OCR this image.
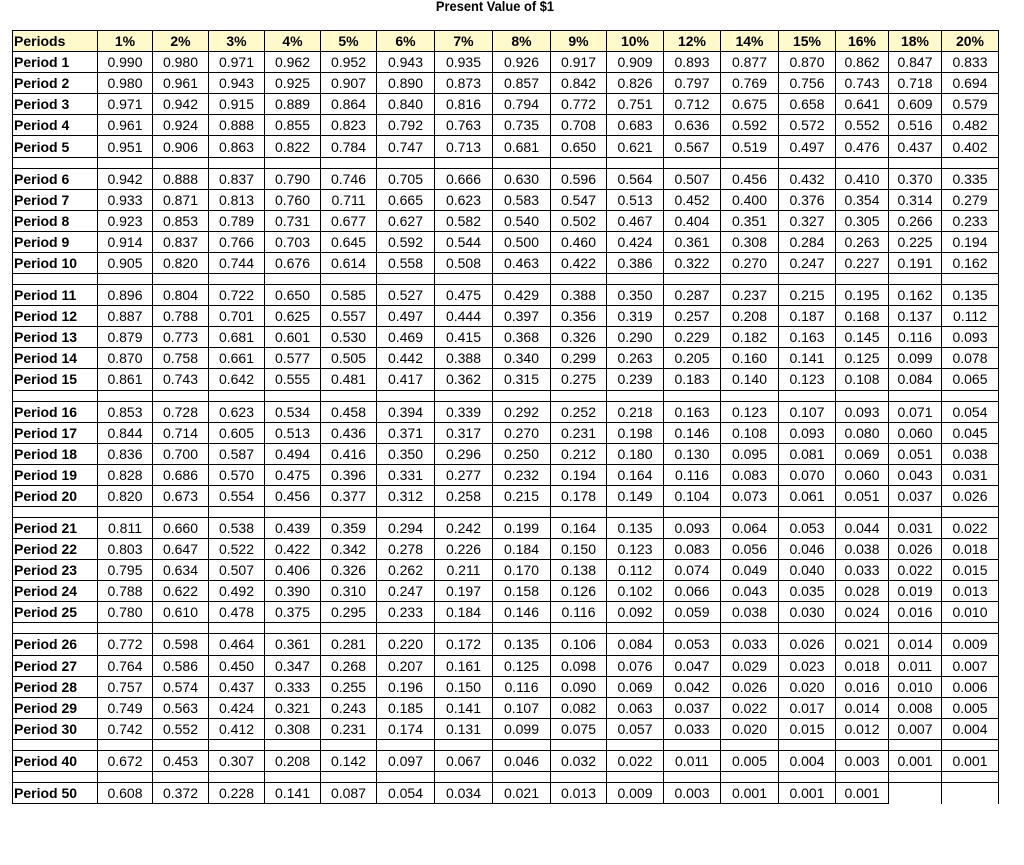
Present Value of $1
Periods	1%	2%	3%	4%	5%	6%	7%	8%	9%	10%	12%	14%	15%	16%	18%	20%
Period 1	0.990	0.980	0.971	0.962	0.952	0.943	0.935	0.926	0.917	0.909	0.893	0.877	0.870	0.862	0.847	0.833
Period 2	0.980	0.961	0.943	0.925	0.907	0.890	0.873	0.857	0.842	0.826	0.797	0.769	0.756	0.743	0.718	0.694
Period 3	0.971	0.942	0.915	0.889	0.864	0.840	0.816	0.794	0.772	0.751	0.712	0.675	0.658	0.641	0.609	0.579
Period 4	0.961	0.924	0.888	0.855	0.823	0.792	0.763	0.735	0.708	0.683	0.636	0.592	0.572	0.552	0.516	0.482
Period 5	0.951	0.906	0.863	0.822	0.784	0.747	0.713	0.681	0.650	0.621	0.567	0.519	0.497	0.476	0.437	0.402

Period 6	0.942	0.888	0.837	0.790	0.746	0.705	0.666	0.630	0.596	0.564	0.507	0.456	0.432	0.410	0.370	0.335
Period 7	0.933	0.871	0.813	0.760	0.711	0.665	0.623	0.583	0.547	0.513	0.452	0.400	0.376	0.354	0.314	0.279
Period 8	0.923	0.853	0.789	0.731	0.677	0.627	0.582	0.540	0.502	0.467	0.404	0.351	0.327	0.305	0.266	0.233
Period 9	0.914	0.837	0.766	0.703	0.645	0.592	0.544	0.500	0.460	0.424	0.361	0.308	0.284	0.263	0.225	0.194
Period 10	0.905	0.820	0.744	0.676	0.614	0.558	0.508	0.463	0.422	0.386	0.322	0.270	0.247	0.227	0.191	0.162

Period 11	0.896	0.804	0.722	0.650	0.585	0.527	0.475	0.429	0.388	0.350	0.287	0.237	0.215	0.195	0.162	0.135
Period 12	0.887	0.788	0.701	0.625	0.557	0.497	0.444	0.397	0.356	0.319	0.257	0.208	0.187	0.168	0.137	0.112
Period 13	0.879	0.773	0.681	0.601	0.530	0.469	0.415	0.368	0.326	0.290	0.229	0.182	0.163	0.145	0.116	0.093
Period 14	0.870	0.758	0.661	0.577	0.505	0.442	0.388	0.340	0.299	0.263	0.205	0.160	0.141	0.125	0.099	0.078
Period 15	0.861	0.743	0.642	0.555	0.481	0.417	0.362	0.315	0.275	0.239	0.183	0.140	0.123	0.108	0.084	0.065

Period 16	0.853	0.728	0.623	0.534	0.458	0.394	0.339	0.292	0.252	0.218	0.163	0.123	0.107	0.093	0.071	0.054
Period 17	0.844	0.714	0.605	0.513	0.436	0.371	0.317	0.270	0.231	0.198	0.146	0.108	0.093	0.080	0.060	0.045
Period 18	0.836	0.700	0.587	0.494	0.416	0.350	0.296	0.250	0.212	0.180	0.130	0.095	0.081	0.069	0.051	0.038
Period 19	0.828	0.686	0.570	0.475	0.396	0.331	0.277	0.232	0.194	0.164	0.116	0.083	0.070	0.060	0.043	0.031
Period 20	0.820	0.673	0.554	0.456	0.377	0.312	0.258	0.215	0.178	0.149	0.104	0.073	0.061	0.051	0.037	0.026

Period 21	0.811	0.660	0.538	0.439	0.359	0.294	0.242	0.199	0.164	0.135	0.093	0.064	0.053	0.044	0.031	0.022
Period 22	0.803	0.647	0.522	0.422	0.342	0.278	0.226	0.184	0.150	0.123	0.083	0.056	0.046	0.038	0.026	0.018
Period 23	0.795	0.634	0.507	0.406	0.326	0.262	0.211	0.170	0.138	0.112	0.074	0.049	0.040	0.033	0.022	0.015
Period 24	0.788	0.622	0.492	0.390	0.310	0.247	0.197	0.158	0.126	0.102	0.066	0.043	0.035	0.028	0.019	0.013
Period 25	0.780	0.610	0.478	0.375	0.295	0.233	0.184	0.146	0.116	0.092	0.059	0.038	0.030	0.024	0.016	0.010

Period 26	0.772	0.598	0.464	0.361	0.281	0.220	0.172	0.135	0.106	0.084	0.053	0.033	0.026	0.021	0.014	0.009
Period 27	0.764	0.586	0.450	0.347	0.268	0.207	0.161	0.125	0.098	0.076	0.047	0.029	0.023	0.018	0.011	0.007
Period 28	0.757	0.574	0.437	0.333	0.255	0.196	0.150	0.116	0.090	0.069	0.042	0.026	0.020	0.016	0.010	0.006
Period 29	0.749	0.563	0.424	0.321	0.243	0.185	0.141	0.107	0.082	0.063	0.037	0.022	0.017	0.014	0.008	0.005
Period 30	0.742	0.552	0.412	0.308	0.231	0.174	0.131	0.099	0.075	0.057	0.033	0.020	0.015	0.012	0.007	0.004

Period 40	0.672	0.453	0.307	0.208	0.142	0.097	0.067	0.046	0.032	0.022	0.011	0.005	0.004	0.003	0.001	0.001

Period 50	0.608	0.372	0.228	0.141	0.087	0.054	0.034	0.021	0.013	0.009	0.003	0.001	0.001	0.001		
